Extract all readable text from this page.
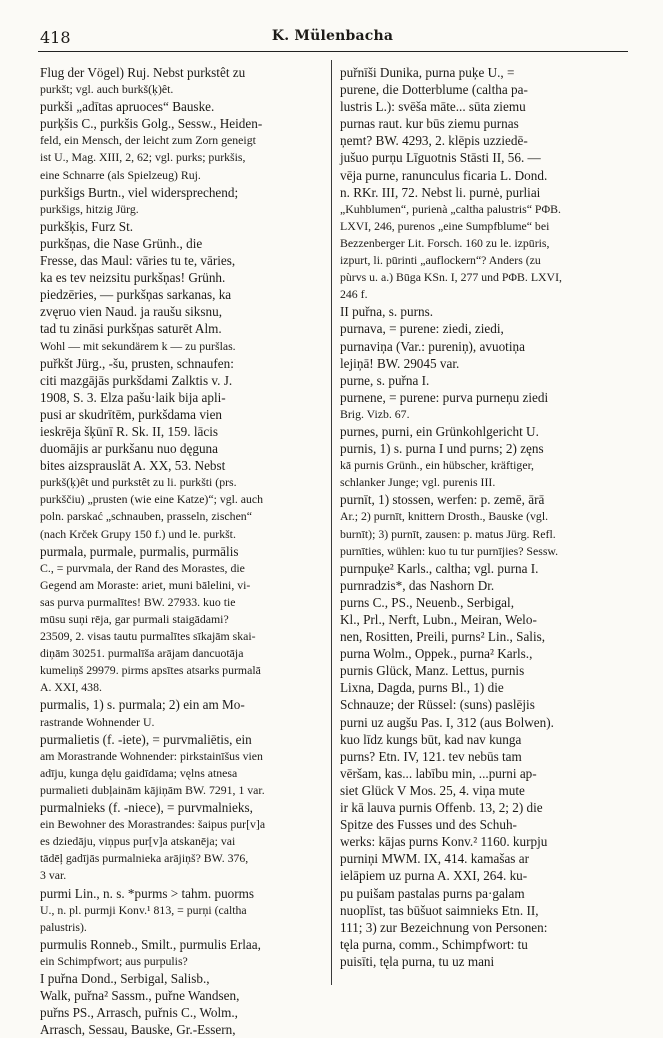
418	K. Mülenbacha
Flug der Vögel) Ruj. Nebst purkstêt zu
purkšt; vgl. auch burkš(ķ)êt.
purkši „adītas apruoces“ Bauske.
purķšis C., purkšis Golg., Sessw., Heiden-
feld, ein Mensch, der leicht zum Zorn geneigt
ist U., Mag. XIII, 2, 62; vgl. purks; purkšis,
eine Schnarre (als Spielzeug) Ruj.
purkšigs Burtn., viel widersprechend;
purkšigs, hitzig Jürg.
purkšķis, Furz St.
purkšņas, die Nase Grünh., die
Fresse, das Maul: vāries tu te, vāries,
ka es tev neizsitu purkšņas! Grünh.
piedzēries, — purkšņas sarkanas, ka
zvęruo vien Naud. ja raušu siksnu,
tad tu zināsi purkšņas saturēt Alm.
Wohl — mit sekundärem k — zu puršlas.
puřkšt Jürg., -šu, prusten, schnaufen:
citi mazgājās purkšdami Zalktis v. J.
1908, S. 3. Elza pašu·laik bija apli-
pusi ar skudrītēm, purkšdama vien
ieskrēja šķūnī R. Sk. II, 159. lācis
duomājis ar purkšanu nuo dęguna
bites aizsprauslāt A. XX, 53. Nebst
purkš(ķ)êt und purkstêt zu li. purkšti (prs.
purkščiu) „prusten (wie eine Katze)“; vgl. auch
poln. parskać „schnauben, prasseln, zischen“
(nach Krček Grupy 150 f.) und le. purkšt.
purmala, purmale, purmalis, purmālis
C., = purvmala, der Rand des Morastes, die
Gegend am Moraste: ariet, muni bālelini, vi-
sas purva purmalītes! BW. 27933. kuo tie
mūsu suņi rēja, gar purmali staigādami?
23509, 2. visas tautu purmalītes sīkajām skai-
diņām 30251. purmalīša arājam dancuotāja
kumeliņš 29979. pirms apsītes atsarks purmalā
A. XXI, 438.
purmalis, 1) s. purmala; 2) ein am Mo-
rastrande Wohnender U.
purmalietis (f. -iete), = purvmaliētis, ein
am Morastrande Wohnender: pirkstainīšus vien
adīju, kunga dęlu gaidīdama; vęlns atnesa
purmalieti dubļainām kājiņām BW. 7291, 1 var.
purmalnieks (f. -niece), = purvmalnieks,
ein Bewohner des Morastrandes: šaipus pur[v]a
es dziedāju, viņpus pur[v]a atskanēja; vai
tādēļ gadījās purmalnieka arājiņš? BW. 376,
3 var.
purmi Lin., n. s. *purms > tahm. puorms
U., n. pl. purmji Konv.¹ 813, = purņi (caltha
palustris).
purmulis Ronneb., Smilt., purmulis Erlaa,
ein Schimpfwort; aus purpulis?
I puřna Dond., Serbigal, Salisb.,
Walk, puřna² Sassm., puřne Wandsen,
puřns PS., Arrasch, puřnis C., Wolm.,
Arrasch, Sessau, Bauske, Gr.-Essern,
puřnīši Dunika, purna puķe U., =
purene, die Dotterblume (caltha pa-
lustris L.): svēša māte... sūta ziemu
purnas raut. kur būs ziemu purnas
ņemt? BW. 4293, 2. klēpis uzziedē-
jušuo purņu Līguotnis Stāsti II, 56. —
vēja purne, ranunculus ficaria L. Dond.
n. RKr. III, 72. Nebst li. purnė, purliai
„Kuhblumen“, purienà „caltha palustris“ PΦB.
LXVI, 246, purenos „eine Sumpfblume“ bei
Bezzenberger Lit. Forsch. 160 zu le. izpūris,
izpurt, li. pūrinti „auflockern“? Anders (zu
pùrvs u. a.) Būga KSn. I, 277 und PΦB. LXVI,
246 f.
II puřna, s. purns.
purnava, = purene: ziedi, ziedi,
purnaviņa (Var.: pureniņ), avuotiņa
lejiņā! BW. 29045 var.
purne, s. puřna I.
purnene, = purene: purva purneņu ziedi
Brig. Vizb. 67.
purnes, purni, ein Grünkohlgericht U.
purnis, 1) s. purna I und purns; 2) zęns
kā purnis Grünh., ein hübscher, kräftiger,
schlanker Junge; vgl. purenis III.
purnīt, 1) stossen, werfen: p. zemē, ārā
Ar.; 2) purnīt, knittern Drosth., Bauske (vgl.
burnīt); 3) purnīt, zausen: p. matus Jürg. Refl.
purnīties, wühlen: kuo tu tur purnījies? Sessw.
purnpuķe² Karls., caltha; vgl. purna I.
purnradzis*, das Nashorn Dr.
purns C., PS., Neuenb., Serbigal,
Kl., Prl., Nerft, Lubn., Meiran, Welo-
nen, Rositten, Preili, purns² Lin., Salis,
purna Wolm., Oppek., purna² Karls.,
purnis Glück, Manz. Lettus, purnis
Lixna, Dagda, purns Bl., 1) die
Schnauze; der Rüssel: (suns) paslējis
purni uz augšu Pas. I, 312 (aus Bolwen).
kuo līdz kungs būt, kad nav kunga
purns? Etn. IV, 121. tev nebūs tam
vēršam, kas... labību min, ...purni ap-
siet Glück V Mos. 25, 4. viņa mute
ir kā lauva purnis Offenb. 13, 2; 2) die
Spitze des Fusses und des Schuh-
werks: kājas purns Konv.² 1160. kurpju
purniņi MWM. IX, 414. kamašas ar
ielāpiem uz purna A. XXI, 264. ku-
pu puišam pastalas purns pa·galam
nuoplīst, tas būšuot saimnieks Etn. II,
111; 3) zur Bezeichnung von Personen:
tęla purna, comm., Schimpfwort: tu
puisīti, tęla purna, tu uz mani
